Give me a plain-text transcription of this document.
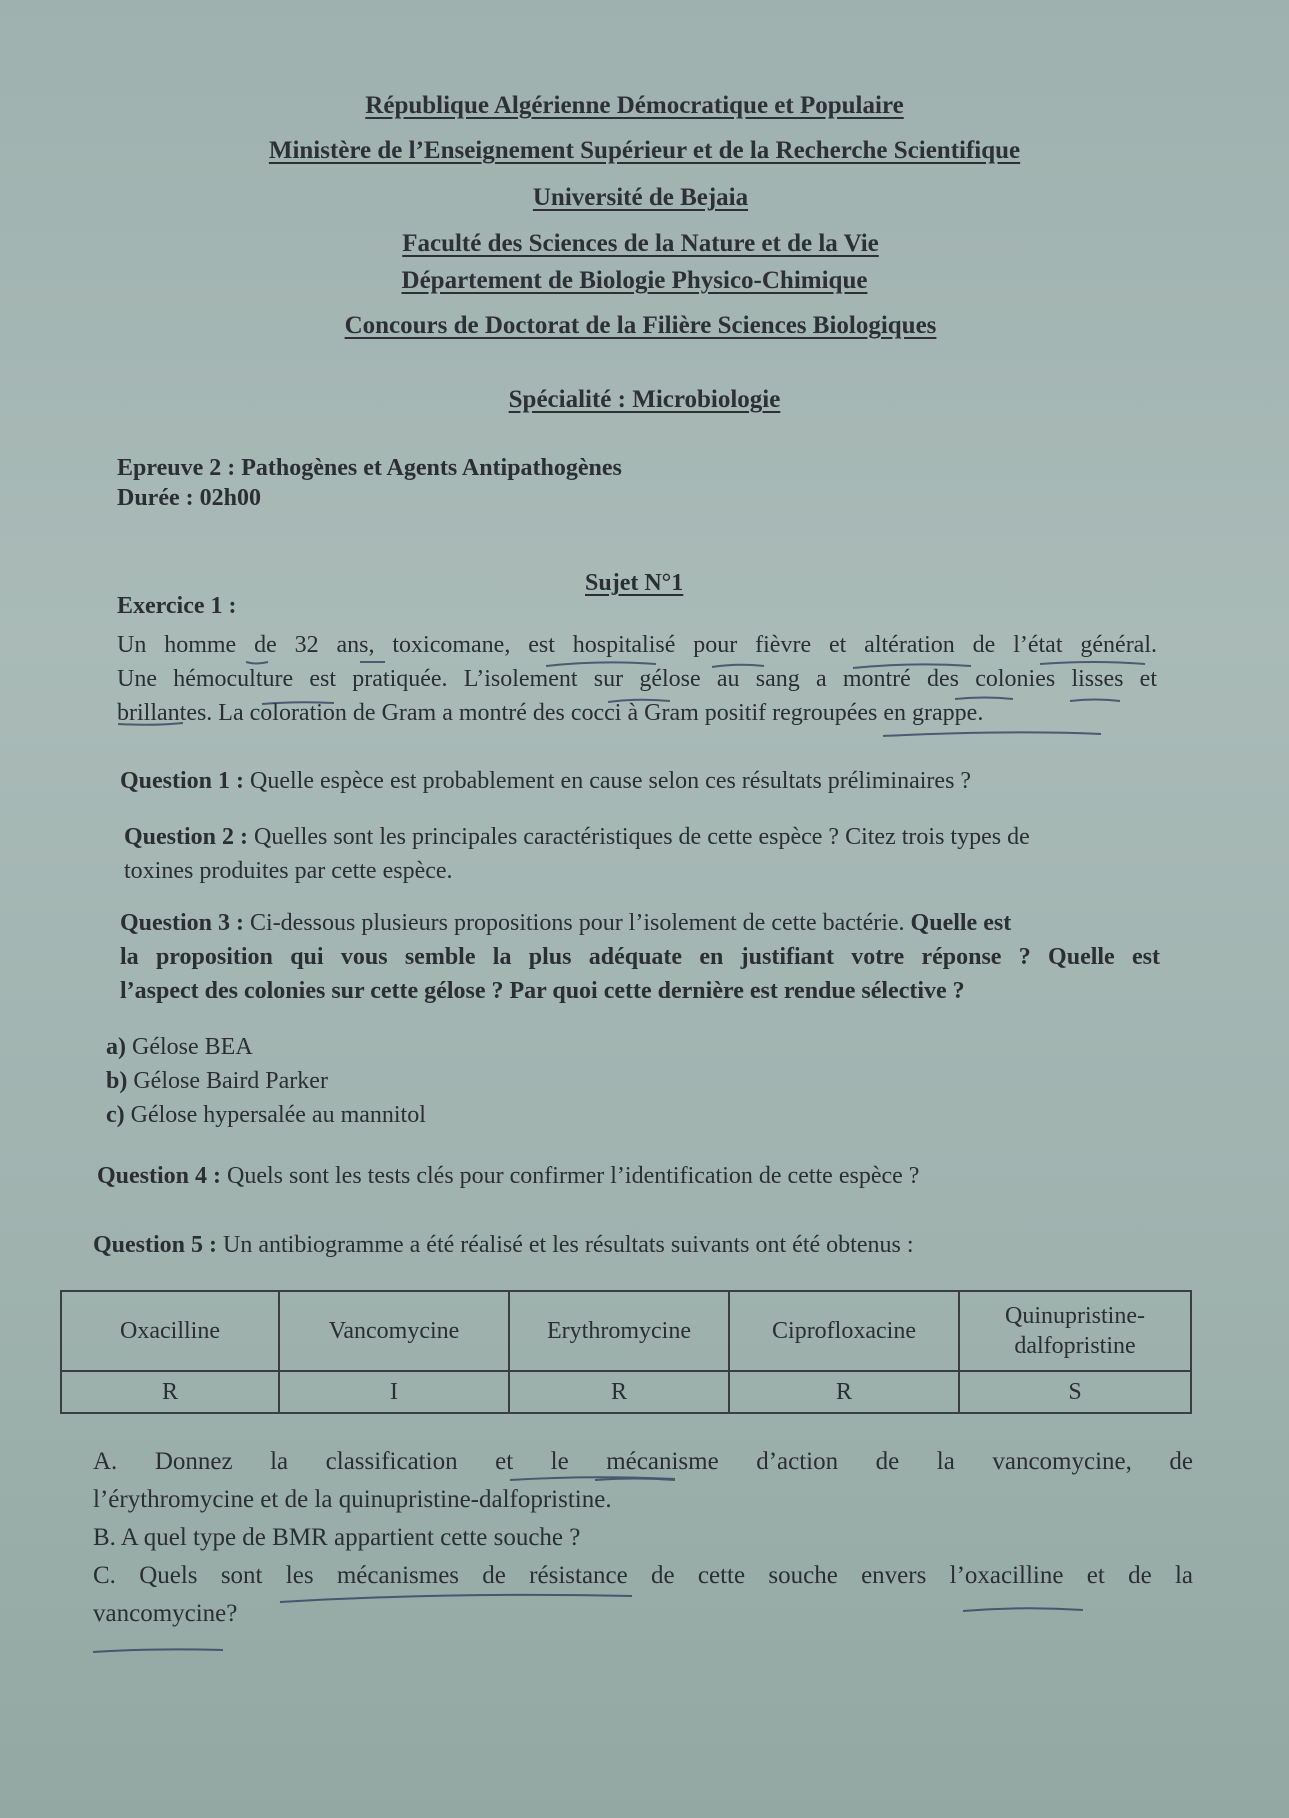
République Algérienne Démocratique et Populaire
Ministère de l’Enseignement Supérieur et de la Recherche Scientifique
Université de Bejaia
Faculté des Sciences de la Nature et de la Vie
Département de Biologie Physico-Chimique
Concours de Doctorat de la Filière Sciences Biologiques
Spécialité : Microbiologie
Epreuve 2 : Pathogènes et Agents Antipathogènes
Durée : 02h00
Sujet N°1
Exercice 1 :
Un homme de 32 ans, toxicomane, est hospitalisé pour fièvre et altération de l’état général.
Une hémoculture est pratiquée. L’isolement sur gélose au sang a montré des colonies lisses et
brillantes. La coloration de Gram a montré des cocci à Gram positif regroupées en grappe.
Question 1 : Quelle espèce est probablement en cause selon ces résultats préliminaires ?
Question 2 : Quelles sont les principales caractéristiques de cette espèce ? Citez trois types de
toxines produites par cette espèce.
Question 3 : Ci-dessous plusieurs propositions pour l’isolement de cette bactérie. Quelle est
la proposition qui vous semble la plus adéquate en justifiant votre réponse ? Quelle est
l’aspect des colonies sur cette gélose ? Par quoi cette dernière est rendue sélective ?
a) Gélose BEA
b) Gélose Baird Parker
c) Gélose hypersalée au mannitol
Question 4 : Quels sont les tests clés pour confirmer l’identification de cette espèce ?
Question 5 : Un antibiogramme a été réalisé et les résultats suivants ont été obtenus :
Oxacilline	Vancomycine	Erythromycine	Ciprofloxacine	Quinupristine-
dalfopristine

R	I	R	R	S
A. Donnez la classification et le mécanisme d’action de la vancomycine, de
l’érythromycine et de la quinupristine-dalfopristine.
B. A quel type de BMR appartient cette souche ?
C. Quels sont les mécanismes de résistance de cette souche envers l’oxacilline et de la
vancomycine?
